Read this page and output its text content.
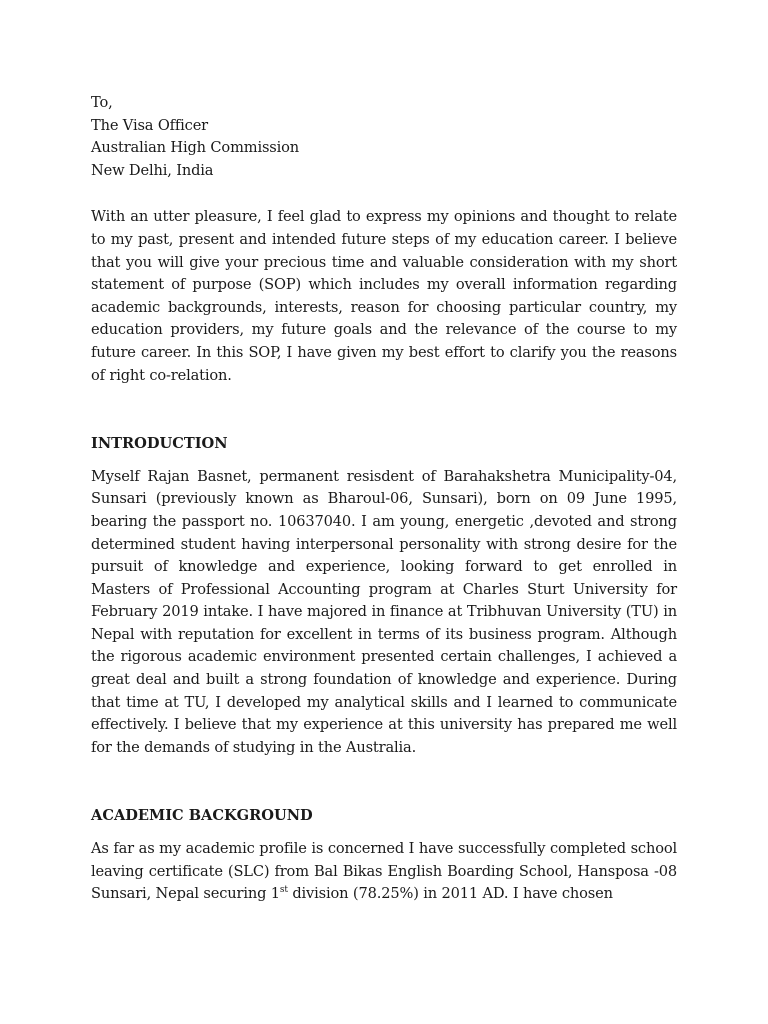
To,
The Visa Officer
Australian High Commission
New Delhi, India

With an utter pleasure, I feel glad to express my opinions and thought to relate to my past, present and intended future steps of my education career. I believe that you will give your precious time and valuable consideration with my short statement of purpose (SOP) which includes my overall information regarding academic backgrounds, interests, reason for choosing particular country, my education providers, my future goals and the relevance of the course to my future career. In this SOP, I have given my best effort to clarify you the reasons of right co-relation.

INTRODUCTION

Myself Rajan Basnet, permanent resisdent of Barahakshetra Municipality-04, Sunsari (previously known as Bharoul-06, Sunsari), born on 09 June 1995, bearing the passport no. 10637040. I am young, energetic ,devoted and strong determined student having interpersonal personality with strong desire for the pursuit of knowledge and experience, looking forward to get enrolled in Masters of Professional Accounting program at Charles Sturt University for February 2019 intake. I have majored in finance at Tribhuvan University (TU) in Nepal with reputation for excellent in terms of its business program. Although the rigorous academic environment presented certain challenges, I achieved a great deal and built a strong foundation of knowledge and experience. During that time at TU, I developed my analytical skills and I learned to communicate effectively. I believe that my experience at this university has prepared me well for the demands of studying in the Australia.

ACADEMIC BACKGROUND

As far as my academic profile is concerned I have successfully completed school leaving certificate (SLC) from Bal Bikas English Boarding School, Hansposa -08 Sunsari, Nepal securing 1st division (78.25%) in 2011 AD. I have chosen
